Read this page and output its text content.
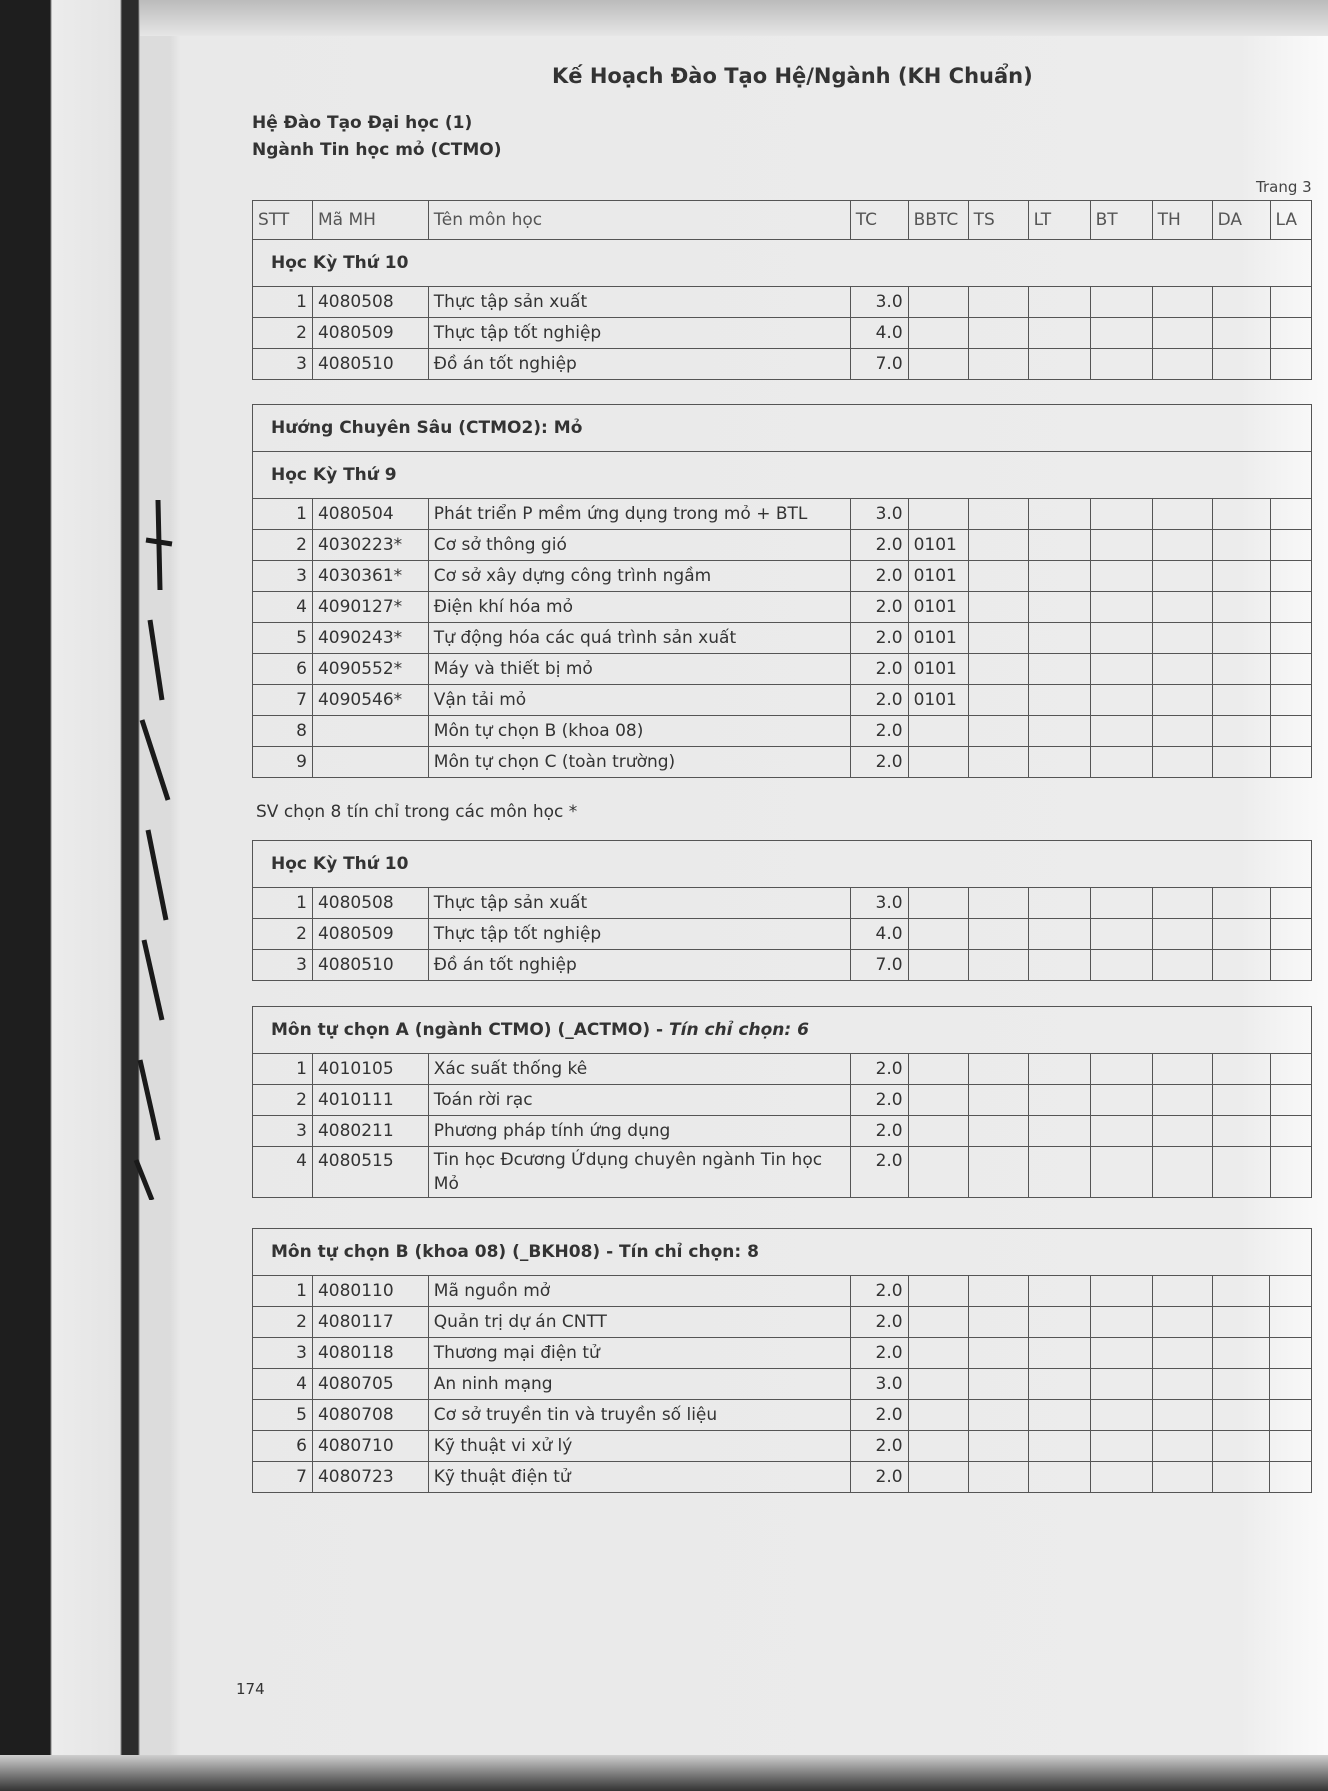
Kế Hoạch Đào Tạo Hệ/Ngành (KH Chuẩn)
Hệ Đào Tạo Đại học (1)
Ngành Tin học mỏ (CTMO)
Trang 3
STT	Mã MH	Tên môn học	TC	BBTC	TS	LT	BT	TH	DA	LA
Học Kỳ Thứ 10										
1	4080508	Thực tập sản xuất	3.0							
2	4080509	Thực tập tốt nghiệp	4.0							
3	4080510	Đồ án tốt nghiệp	7.0							
Hướng Chuyên Sâu (CTMO2): Mỏ										
Học Kỳ Thứ 9										
1	4080504	Phát triển P mềm ứng dụng trong mỏ + BTL	3.0							
2	4030223*	Cơ sở thông gió	2.0	0101						
3	4030361*	Cơ sở xây dựng công trình ngầm	2.0	0101						
4	4090127*	Điện khí hóa mỏ	2.0	0101						
5	4090243*	Tự động hóa các quá trình sản xuất	2.0	0101						
6	4090552*	Máy và thiết bị mỏ	2.0	0101						
7	4090546*	Vận tải mỏ	2.0	0101						
8		Môn tự chọn B (khoa 08)	2.0							
9		Môn tự chọn C (toàn trường)	2.0							
SV chọn 8 tín chỉ trong các môn học *
Học Kỳ Thứ 10										
1	4080508	Thực tập sản xuất	3.0							
2	4080509	Thực tập tốt nghiệp	4.0							
3	4080510	Đồ án tốt nghiệp	7.0							
Môn tự chọn A (ngành CTMO) (_ACTMO) - Tín chỉ chọn: 6										
1	4010105	Xác suất thống kê	2.0							
2	4010111	Toán rời rạc	2.0							
3	4080211	Phương pháp tính ứng dụng	2.0							
4	4080515	Tin học Đcương Ứdụng chuyên ngành Tin học Mỏ	2.0							
Môn tự chọn B (khoa 08) (_BKH08) - Tín chỉ chọn: 8										
1	4080110	Mã nguồn mở	2.0							
2	4080117	Quản trị dự án CNTT	2.0							
3	4080118	Thương mại điện tử	2.0							
4	4080705	An ninh mạng	3.0							
5	4080708	Cơ sở truyền tin và truyền số liệu	2.0							
6	4080710	Kỹ thuật vi xử lý	2.0							
7	4080723	Kỹ thuật điện tử	2.0							
174
